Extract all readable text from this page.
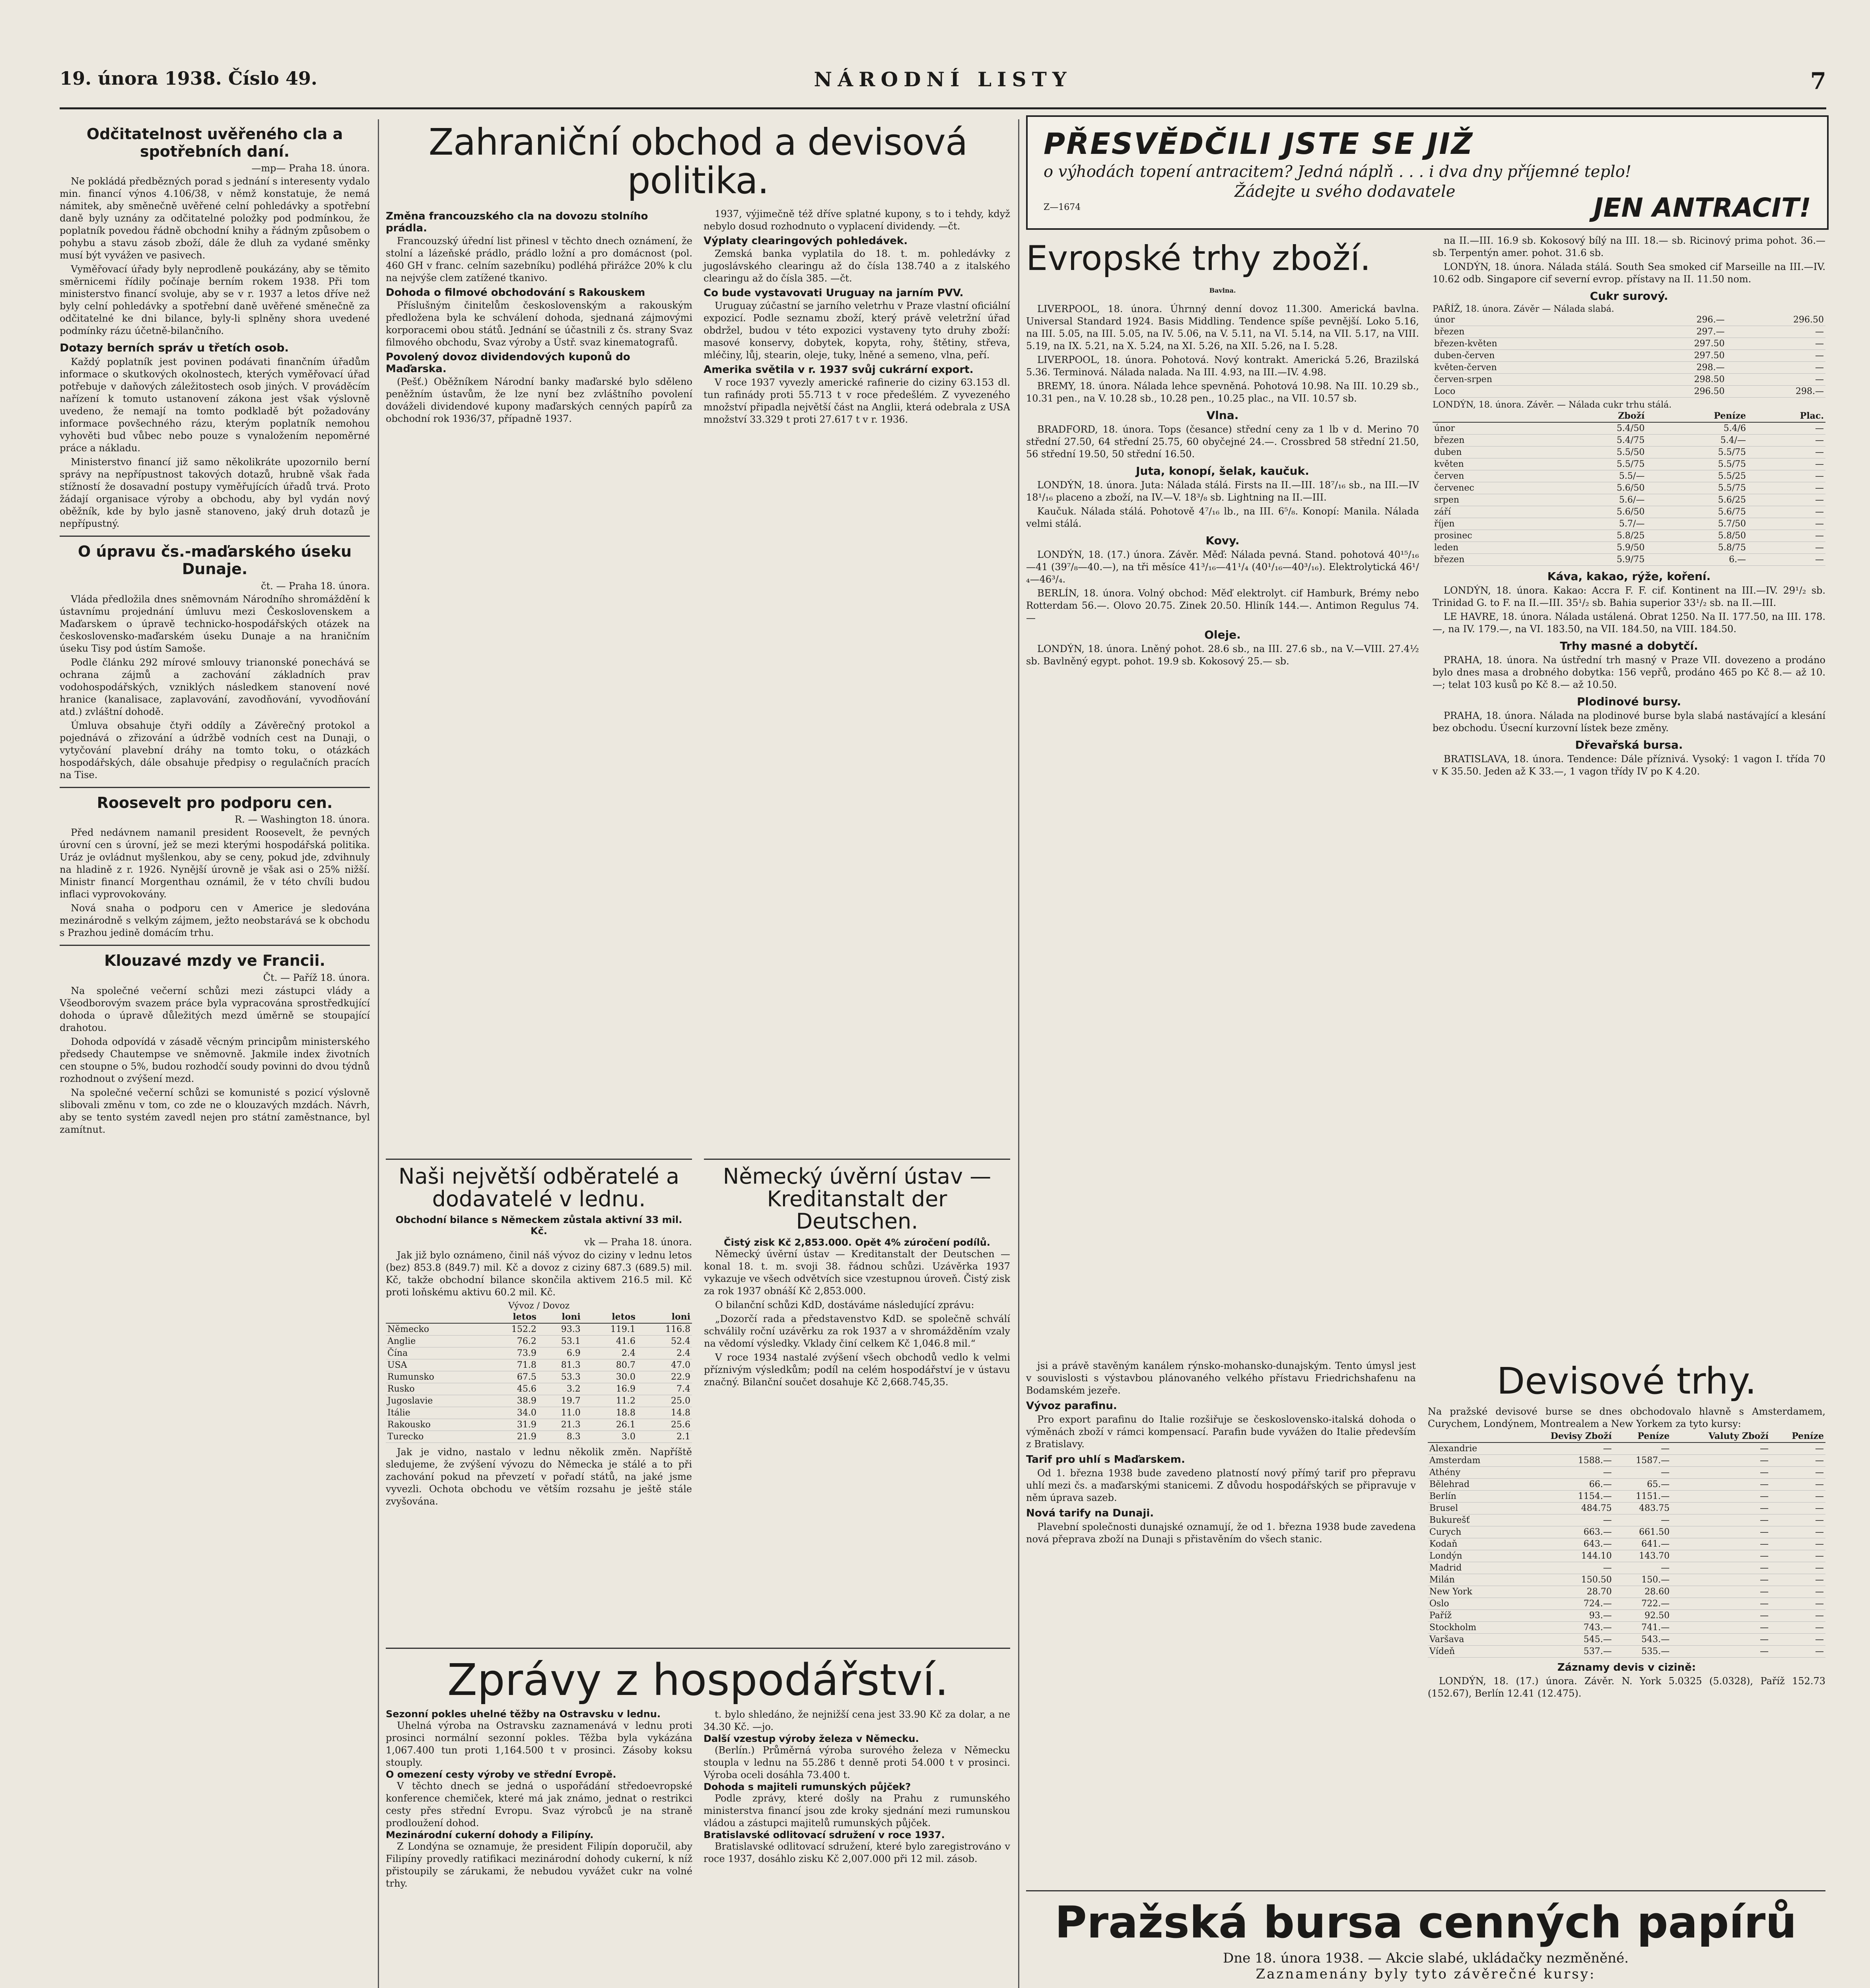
19. února 1938. Číslo 49.	NÁRODNÍ LISTY	7
Odčitatelnost uvěřeného cla a spotřebních daní.
—mp— Praha 18. února.

Ne pokládá předbězných porad s jednání s interesenty vydalo min. financí výnos 4.106/38, v němž konstatuje, že nemá námitek, aby směnečně uvěřené celní pohledávky a spotřební daně byly uznány za odčitatelné položky pod podmínkou, že poplatník povedou řádně obchodní knihy a řádným způsobem o pohybu a stavu zásob zboží, dále že dluh za vydané směnky musí být vyvážen ve pasivech.

Vyměřovací úřady byly neprodleně poukázány, aby se těmito směrnicemi řídily počínaje berním rokem 1938. Při tom ministerstvo financí svoluje, aby se v r. 1937 a letos dříve než byly celní pohledávky a spotřební daně uvěřené směnečně za odčitatelné ke dni bilance, byly-li splněny shora uvedené podmínky rázu účetně-bilančního.

Dotazy berních správ u třetích osob.

Každý poplatník jest povinen podávati finančním úřadům informace o skutkových okolnostech, kterých vyměřovací úřad potřebuje v daňových záležitostech osob jiných. V prováděcím nařízení k tomuto ustanovení zákona jest však výslovně uvedeno, že nemají na tomto podkladě být požadovány informace povšechného rázu, kterým poplatník nemohou vyhověti bud vůbec nebo pouze s vynaložením nepoměrné práce a nákladu.

Ministerstvo financí již samo několikráte upozornilo berní správy na nepřípustnost takových dotazů, hrubně však řada stížností že dosavadní postupy vyměřujících úřadů trvá. Proto žádají organisace výroby a obchodu, aby byl vydán nový oběžník, kde by bylo jasně stanoveno, jaký druh dotazů je nepřípustný.

O úpravu čs.-maďarského úseku Dunaje.
čt. — Praha 18. února.

Vláda předložila dnes sněmovnám Národního shromáždění k ústavnímu projednání úmluvu mezi Československem a Maďarskem o úpravě technicko-hospodářských otázek na československo-maďarském úseku Dunaje a na hraničním úseku Tisy pod ústím Samoše.

Podle článku 292 mírové smlouvy trianonské ponechává se ochrana zájmů a zachování základních prav vodohospodářských, vzniklých následkem stanovení nové hranice (kanalisace, zaplavování, zavodňování, vyvodňování atd.) zvláštní dohodě.

Úmluva obsahuje čtyři oddíly a Závěrečný protokol a pojednává o zřizování a údržbě vodních cest na Dunaji, o vytyčování plavební dráhy na tomto toku, o otázkách hospodářských, dále obsahuje předpisy o regulačních pracích na Tise.

Roosevelt pro podporu cen.
R. — Washington 18. února.

Před nedávnem namanil president Roosevelt, že pevných úrovní cen s úrovní, jež se mezi kterými hospodářská politika. Uráz je ovládnut myšlenkou, aby se ceny, pokud jde, zdvihnuly na hladině z r. 1926. Nynější úrovně je však asi o 25% nižší. Ministr financí Morgenthau oznámil, že v této chvíli budou inflaci vyprovokovány.

Nová snaha o podporu cen v Americe je sledována mezinárodně s velkým zájmem, ježto neobstarává se k obchodu s Prazhou jedině domácím trhu.

Klouzavé mzdy ve Francii.
Čt. — Paříž 18. února.

Na společné večerní schůzi mezi zástupci vlády a Všeodborovým svazem práce byla vypracována sprostředkující dohoda o úpravě důležitých mezd úměrně se stoupající drahotou.

Dohoda odpovídá v zásadě věcným principům ministerského předsedy Chautempse ve sněmovně. Jakmile index životních cen stoupne o 5%, budou rozhodčí soudy povinni do dvou týdnů rozhodnout o zvýšení mezd.

Na společné večerní schůzi se komunisté s pozicí výslovně slibovali změnu v tom, co zde ne o klouzavých mzdách. Návrh, aby se tento systém zavedl nejen pro státní zaměstnance, byl zamítnut.

Zahraniční obchod a devisová politika.
Změna francouzského cla na dovozu stolního prádla.

Francouzský úřední list přinesl v těchto dnech oznámení, že stolní a lázeňské prádlo, prádlo ložní a pro domácnost (pol. 460 GH v franc. celním sazebníku) podléhá přirážce 20% k clu na nejvýše clem zatížené tkanivo.

Dohoda o filmové obchodování s Rakouskem

Příslušným činitelům československým a rakouským předložena byla ke schválení dohoda, sjednaná zájmovými korporacemi obou států. Jednání se účastnili z čs. strany Svaz filmového obchodu, Svaz výroby a Ústř. svaz kinematografů.

Povolený dovoz dividendových kuponů do Maďarska.

(Pešť.) Oběžníkem Národní banky maďarské bylo sděleno peněžním ústavům, že lze nyní bez zvláštního povolení dováželi dividendové kupony maďarských cenných papírů za obchodní rok 1936/37, případně 1937.

1937, výjimečně též dříve splatné kupony, s to i tehdy, když nebylo dosud rozhodnuto o vyplacení dividendy. —čt.

Výplaty clearingových pohledávek.

Zemská banka vyplatila do 18. t. m. pohledávky z jugoslávského clearingu až do čísla 138.740 a z italského clearingu až do čísla 385. —čt.

Co bude vystavovati Uruguay na jarním PVV.

Uruguay zúčastní se jarního veletrhu v Praze vlastní oficiální expozicí. Podle seznamu zboží, který právě veletržní úřad obdržel, budou v této expozici vystaveny tyto druhy zboží: masové konservy, dobytek, kopyta, rohy, štětiny, střeva, mléčiny, lůj, stearin, oleje, tuky, lněné a semeno, vlna, peří.

Amerika světila v r. 1937 svůj cukrární export.

V roce 1937 vyvezly americké rafinerie do ciziny 63.153 dl. tun rafinády proti 55.713 t v roce předešlém. Z vyvezeného množství připadla největší část na Anglii, která odebrala z USA množství 33.329 t proti 27.617 t v r. 1936.

Naši největší odběratelé a dodavatelé v lednu.
Obchodní bilance s Německem zůstala aktivní 33 mil. Kč.
vk — Praha 18. února.

Jak již bylo oznámeno, činil náš vývoz do ciziny v lednu letos (bez) 853.8 (849.7) mil. Kč a dovoz z ciziny 687.3 (689.5) mil. Kč, takže obchodní bilance skončila aktivem 216.5 mil. Kč proti loňskému aktivu 60.2 mil. Kč.

Vývoz / Dovoz
	letos	loni	letos	loni
Německo	152.2	93.3	119.1	116.8
Anglie	76.2	53.1	41.6	52.4
Čína	73.9	6.9	2.4	2.4
USA	71.8	81.3	80.7	47.0
Rumunsko	67.5	53.3	30.0	22.9
Rusko	45.6	3.2	16.9	7.4
Jugoslavie	38.9	19.7	11.2	25.0
Itálie	34.0	11.0	18.8	14.8
Rakousko	31.9	21.3	26.1	25.6
Turecko	21.9	8.3	3.0	2.1

Jak je vidno, nastalo v lednu několik změn. Napříště sledujeme, že zvýšení vývozu do Německa je stálé a to při zachování pokud na převzetí v pořadí států, na jaké jsme vyvezli. Ochota obchodu ve větším rozsahu je ještě stále zvyšována.

Německý úvěrní ústav — Kreditanstalt der Deutschen.
Čistý zisk Kč 2,853.000. Opět 4% zúročení podílů.

Německý úvěrní ústav — Kreditanstalt der Deutschen — konal 18. t. m. svoji 38. řádnou schůzi. Uzávěrka 1937 vykazuje ve všech odvětvích sice vzestupnou úroveň. Čistý zisk za rok 1937 obnáší Kč 2,853.000.

O bilanční schůzi KdD, dostáváme následující zprávu:

„Dozorčí rada a představenstvo KdD. se společně schválí schválily roční uzávěrku za rok 1937 a v shromážděním vzaly na vědomí výsledky. Vklady činí celkem Kč 1,046.8 mil.“

V roce 1934 nastalé zvýšení všech obchodů vedlo k velmi příznivým výsledkům; podíl na celém hospodářství je v ústavu značný. Bilanční součet dosahuje Kč 2,668.745,35.

Zprávy z hospodářství.
Sezonní pokles uhelné těžby na Ostravsku v lednu.

Uhelná výroba na Ostravsku zaznamenává v lednu proti prosinci normální sezonní pokles. Těžba byla vykázána 1,067.400 tun proti 1,164.500 t v prosinci. Zásoby koksu stouply.

O omezení cesty výroby ve střední Evropě.

V těchto dnech se jedná o uspořádání středoevropské konference chemiček, které má jak známo, jednat o restrikci cesty přes střední Evropu. Svaz výrobců je na straně prodloužení dohod.

Mezinárodní cukerní dohody a Filipíny.

Z Londýna se oznamuje, že president Filipín doporučil, aby Filipíny provedly ratifikaci mezinárodní dohody cukerní, k níž přistoupily se zárukami, že nebudou vyvážet cukr na volné trhy.

t. bylo shledáno, že nejnižší cena jest 33.90 Kč za dolar, a ne 34.30 Kč. —jo.

Další vzestup výroby železa v Německu.

(Berlín.) Průměrná výroba surového železa v Německu stoupla v lednu na 55.286 t denně proti 54.000 t v prosinci. Výroba oceli dosáhla 73.400 t.

Dohoda s majiteli rumunských půjček?

Podle zprávy, které došly na Prahu z rumunského ministerstva financí jsou zde kroky sjednání mezi rumunskou vládou a zástupci majitelů rumunských půjček.

Bratislavské odlitovací sdružení v roce 1937.

Bratislavské odlitovací sdružení, které bylo zaregistrováno v roce 1937, dosáhlo zisku Kč 2,007.000 při 12 mil. zásob.

PŘESVĚDČILI JSTE SE JIŽ
o výhodách topení antracitem? Jedná náplň . . . i dva dny příjemné teplo!
Žádejte u svého dodavatele
JEN ANTRACIT!
Z—1674
Evropské trhy zboží.
Bavlna.

LIVERPOOL, 18. února. Úhrnný denní dovoz 11.300. Americká bavlna. Universal Standard 1924. Basis Middling. Tendence spíše pevnější. Loko 5.16, na III. 5.05, na III. 5.05, na IV. 5.06, na V. 5.11, na VI. 5.14, na VII. 5.17, na VIII. 5.19, na IX. 5.21, na X. 5.24, na XI. 5.26, na XII. 5.26, na I. 5.28.

LIVERPOOL, 18. února. Pohotová. Nový kontrakt. Americká 5.26, Brazilská 5.36. Terminová. Nálada nalada. Na III. 4.93, na III.—IV. 4.98.

BREMY, 18. února. Nálada lehce spevněná. Pohotová 10.98. Na III. 10.29 sb., 10.31 pen., na V. 10.28 sb., 10.28 pen., 10.25 plac., na VII. 10.57 sb.

Vlna.

BRADFORD, 18. února. Tops (česance) střední ceny za 1 lb v d. Merino 70 střední 27.50, 64 střední 25.75, 60 obyčejné 24.—. Crossbred 58 střední 21.50, 56 střední 19.50, 50 střední 16.50.

Juta, konopí, šelak, kaučuk.

LONDÝN, 18. února. Juta: Nálada stálá. Firsts na II.—III. 18⁷/₁₆ sb., na III.—IV 18¹/₁₆ placeno a zboží, na IV.—V. 18³/₈ sb. Lightning na II.—III.

Kaučuk. Nálada stálá. Pohotově 4⁷/₁₆ lb., na III. 6⁵/₈. Konopí: Manila. Nálada velmi stálá.

Kovy.

LONDÝN, 18. (17.) února. Závěr. Měď: Nálada pevná. Stand. pohotová 40¹⁵/₁₆—41 (39⁷/₈—40.—), na tři měsíce 41³/₁₆—41¹/₄ (40¹/₁₆—40³/₁₆). Elektrolytická 46¹/₄—46³/₄.

BERLÍN, 18. února. Volný obchod: Měď elektrolyt. cif Hamburk, Brémy nebo Rotterdam 56.—. Olovo 20.75. Zinek 20.50. Hliník 144.—. Antimon Regulus 74.—

Oleje.

LONDÝN, 18. února. Lněný pohot. 28.6 sb., na III. 27.6 sb., na V.—VIII. 27.4½ sb. Bavlněný egypt. pohot. 19.9 sb. Kokosový 25.— sb.

na II.—III. 16.9 sb. Kokosový bílý na III. 18.— sb. Ricinový prima pohot. 36.— sb. Terpentýn amer. pohot. 31.6 sb.

LONDÝN, 18. února. Nálada stálá. South Sea smoked cif Marseille na III.—IV. 10.62 odb. Singapore cif severní evrop. přístavy na II. 11.50 nom.

Cukr surový.
PAŘÍŽ, 18. února. Závěr — Nálada slabá.
únor	296.—	296.50
březen	297.—	—
březen-květen	297.50	—
duben-červen	297.50	—
květen-červen	298.—	—
červen-srpen	298.50	—
Loco	296.50	298.—
LONDÝN, 18. února. Závěr. — Nálada cukr trhu stálá.
	Zboží	Peníze	Plac.
únor	5.4/50	5.4/6	—
březen	5.4/75	5.4/—	—
duben	5.5/50	5.5/75	—
květen	5.5/75	5.5/75	—
červen	5.5/—	5.5/25	—
červenec	5.6/50	5.5/75	—
srpen	5.6/—	5.6/25	—
září	5.6/50	5.6/75	—
říjen	5.7/—	5.7/50	—
prosinec	5.8/25	5.8/50	—
leden	5.9/50	5.8/75	—
březen	5.9/75	6.—	—
Káva, kakao, rýže, koření.

LONDÝN, 18. února. Kakao: Accra F. F. cif. Kontinent na III.—IV. 29¹/₂ sb. Trinidad G. to F. na II.—III. 35¹/₂ sb. Bahia superior 33¹/₂ sb. na II.—III.

LE HAVRE, 18. února. Nálada ustálená. Obrat 1250. Na II. 177.50, na III. 178.—, na IV. 179.—, na VI. 183.50, na VII. 184.50, na VIII. 184.50.

Trhy masné a dobytčí.

PRAHA, 18. února. Na ústřední trh masný v Praze VII. dovezeno a prodáno bylo dnes masa a drobného dobytka: 156 vepřů, prodáno 465 po Kč 8.— až 10.—; telat 103 kusů po Kč 8.— až 10.50.

Plodinové bursy.

PRAHA, 18. února. Nálada na plodinové burse byla slabá nastávající a klesání bez obchodu. Úsecní kurzovní lístek beze změny.

Dřevařská bursa.

BRATISLAVA, 18. února. Tendence: Dále příznivá. Vysoký: 1 vagon I. třída 70 v K 35.50. Jeden až K 33.—, 1 vagon třídy IV po K 4.20.

jsi a právě stavěným kanálem rýnsko-mohansko-dunajským. Tento úmysl jest v souvislosti s výstavbou plánovaného velkého přístavu Friedrichshafenu na Bodamském jezeře.

Vývoz parafinu.

Pro export parafinu do Italie rozšiřuje se československo-italská dohoda o výměnách zboží v rámci kompensací. Parafin bude vyvážen do Italie především z Bratislavy.

Tarif pro uhlí s Maďarskem.

Od 1. března 1938 bude zavedeno platností nový přímý tarif pro přepravu uhlí mezi čs. a maďarskými stanicemi. Z důvodu hospodářských se připravuje v něm úprava sazeb.

Nová tarify na Dunaji.

Plavební společnosti dunajské oznamují, že od 1. března 1938 bude zavedena nová přeprava zboží na Dunaji s přistavěním do všech stanic.

Devisové trhy.

Na pražské devisové burse se dnes obchodovalo hlavně s Amsterdamem, Curychem, Londýnem, Montrealem a New Yorkem za tyto kursy:

	Devisy Zboží	Peníze	Valuty Zboží	Peníze
Alexandrie	—	—	—	—
Amsterdam	1588.—	1587.—	—	—
Athény	—	—	—	—
Bělehrad	66.—	65.—	—	—
Berlín	1154.—	1151.—	—	—
Brusel	484.75	483.75	—	—
Bukurešť	—	—	—	—
Curych	663.—	661.50	—	—
Kodaň	643.—	641.—	—	—
Londýn	144.10	143.70	—	—
Madrid	—	—	—	—
Milán	150.50	150.—	—	—
New York	28.70	28.60	—	—
Oslo	724.—	722.—	—	—
Paříž	93.—	92.50	—	—
Stockholm	743.—	741.—	—	—
Varšava	545.—	543.—	—	—
Vídeň	537.—	535.—	—	—
Záznamy devis v cizině:

LONDÝN, 18. (17.) února. Závěr. N. York 5.0325 (5.0328), Paříž 152.73 (152.67), Berlín 12.41 (12.475).

Pražská bursa cenných papírů

Dne 18. února 1938. — Akcie slabé, ukládačky nezměněné.

Zaznamenány byly tyto závěrečné kursy:
